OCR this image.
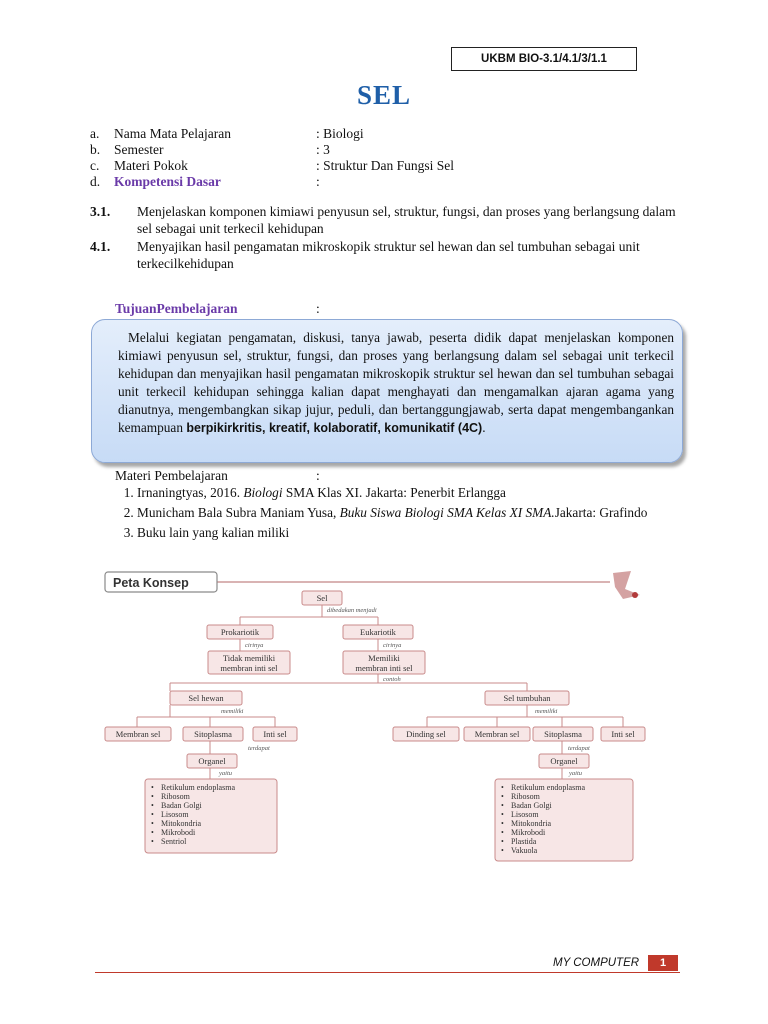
UKBM BIO-3.1/4.1/3/1.1
SEL
a.	Nama Mata Pelajaran	: Biologi
b.	Semester	: 3
c.	Materi Pokok	: Struktur Dan Fungsi Sel
d.	Kompetensi Dasar	:
3.1. Menjelaskan komponen kimiawi penyusun sel, struktur, fungsi, dan proses yang berlangsung dalam sel sebagai unit terkecil kehidupan
4.1. Menyajikan hasil pengamatan mikroskopik struktur sel hewan dan sel tumbuhan sebagai unit terkecilkehidupan
TujuanPembelajaran	:

Melalui kegiatan pengamatan, diskusi, tanya jawab, peserta didik dapat menjelaskan komponen kimiawi penyusun sel, struktur, fungsi, dan proses yang berlangsung dalam sel sebagai unit terkecil kehidupan dan menyajikan hasil pengamatan mikroskopik struktur sel hewan dan sel tumbuhan sebagai unit terkecil kehidupan sehingga kalian dapat menghayati dan mengamalkan ajaran agama yang dianutnya, mengembangkan sikap jujur, peduli, dan bertanggungjawab, serta dapat mengembangankan kemampuan berpikirkritis, kreatif, kolaboratif, komunikatif (4C).

Materi Pembelajaran	:
1. Irnaningtyas, 2016. Biologi SMA Klas XI. Jakarta: Penerbit Erlangga
2. Municham Bala Subra Maniam Yusa, Buku Siswa Biologi SMA Kelas XI SMA.Jakarta: Grafindo
3. Buku lain yang kalian miliki
Peta Konsep
Sel
Prokariotik	Eukariotik
Tidak memiliki
membran inti sel
Memiliki
membran inti sel
Sel hewan	Sel tumbuhan
Membran sel	Sitoplasma	Inti sel
Organel
Dinding sel	Membran sel	Sitoplasma	Inti sel
Organel
dibedakan menjadi
cirinya	cirinya
contoh
memiliki	memiliki
terdapat	terdapat
yaitu	yaitu
• Retikulum endoplasma
• Ribosom
• Badan Golgi
• Lisosom
• Mitokondria
• Mikrobodi
• Sentriol
• Retikulum endoplasma
• Ribosom
• Badan Golgi
• Lisosom
• Mitokondria
• Mikrobodi
• Plastida
• Vakuola
MY COMPUTER	1
